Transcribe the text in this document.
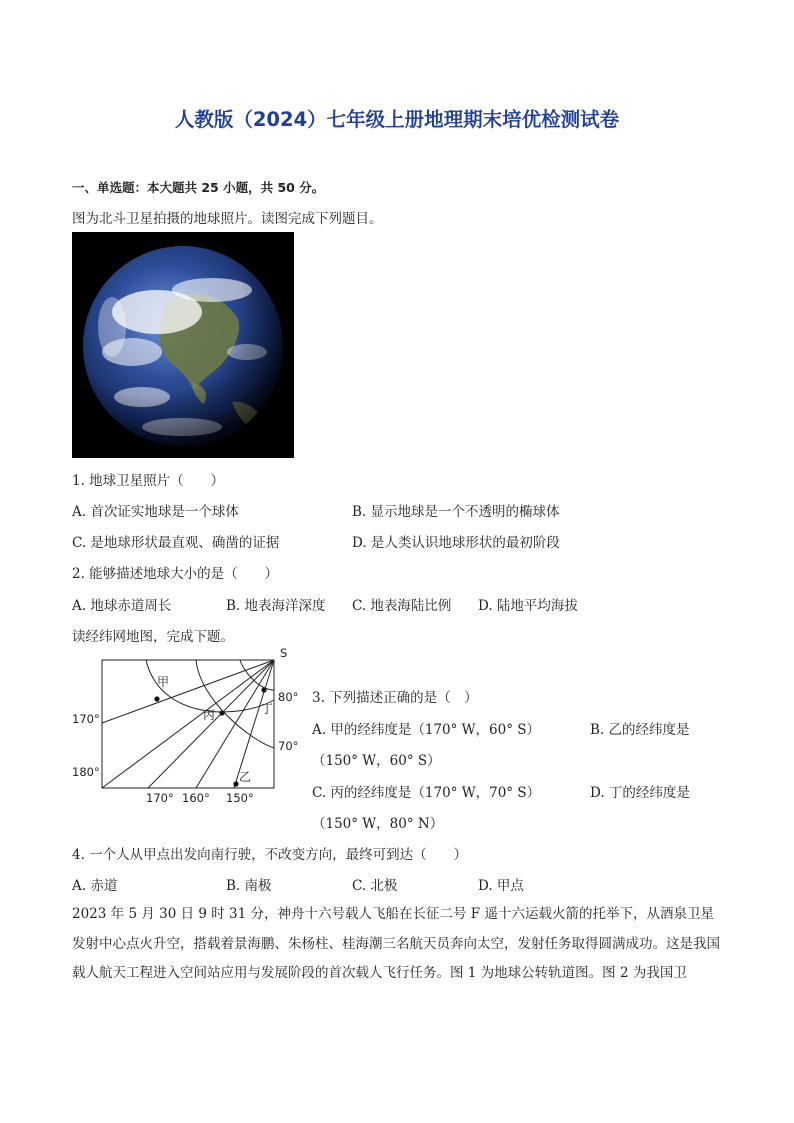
人教版（2024）七年级上册地理期末培优检测试卷
一、单选题：本大题共 25 小题，共 50 分。
图为北斗卫星拍摄的地球照片。读图完成下列题目。
1. 地球卫星照片（　　）
A. 首次证实地球是一个球体	B. 显示地球是一个不透明的椭球体
C. 是地球形状最直观、确凿的证据	D. 是人类认识地球形状的最初阶段
2. 能够描述地球大小的是（　　）
A. 地球赤道周长	B. 地表海洋深度 C. 地表海陆比例 D. 陆地平均海拔
读经纬网地图，完成下题。
S
80°
70°
170°
180°
170° 160° 150°
甲
丙	丁
乙
3. 下列描述正确的是（　）
A. 甲的经纬度是（170° W，60° S）	B. 乙的经纬度是
（150° W，60° S）
C. 丙的经纬度是（170° W，70° S）	D. 丁的经纬度是
（150° W，80° N）
4. 一个人从甲点出发向南行驶，不改变方向，最终可到达（　　）
A. 赤道	B. 南极	C. 北极	D. 甲点
2023 年 5 月 30 日 9 时 31 分，神舟十六号载人飞船在长征二号 F 遥十六运载火箭的托举下，从酒泉卫星发射中心点火升空，搭载着景海鹏、朱杨柱、桂海潮三名航天员奔向太空，发射任务取得圆满成功。这是我国载人航天工程进入空间站应用与发展阶段的首次载人飞行任务。图 1 为地球公转轨道图。图 2 为我国卫
